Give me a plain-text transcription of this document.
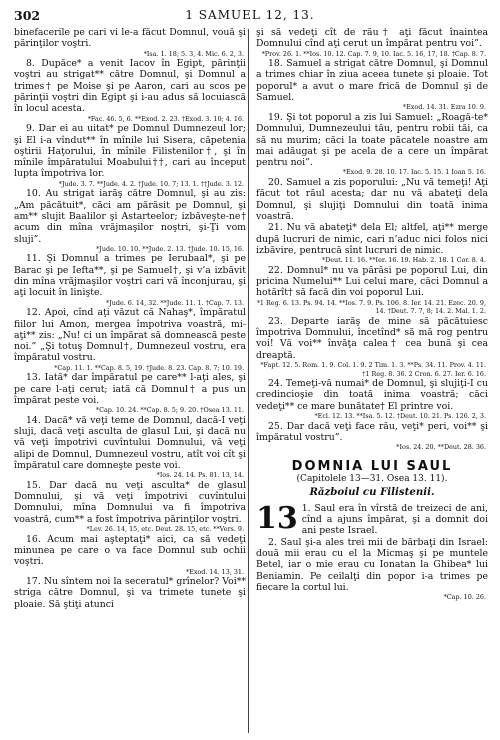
302	1 SAMUEL 12, 13.

binefacerile pe cari vi le-a făcut Domnul, vouă şi părinţilor voştri.

*Isa. 1. 18; 5. 3, 4. Mic. 6. 2, 3.

8. Dupăce* a venit Iacov în Egipt, părinţii voştri au strigat** către Domnul, şi Domnul a trimes† pe Moise şi pe Aaron, cari au scos pe părinţii voştri din Egipt şi i-au adus să locuiască în locul acesta.

*Fac. 46. 5, 6. **Exod. 2. 23. †Exod. 3. 10; 4. 16.

9. Dar ei au uitat* pe Domnul Dumnezeul lor; şi El i-a vîndut** în mînile lui Sisera, căpetenia oştirii Haţorului, în mînile Filistenilor†, şi în mînile împăratului Moabului††, cari au început lupta împotriva lor.

*Jude. 3. 7. **Jude. 4. 2. †Jude. 10. 7; 13. 1. ††Jude. 3. 12.

10. Au strigat iarăş către Domnul, şi au zis: „Am păcătuit*, căci am părăsit pe Domnul, şi am** slujit Baalilor şi Astarteelor; izbăveşte-ne† acum din mîna vrăjmaşilor noştri, şi-Ţi vom sluji”.

*Jude. 10. 10. **Jude. 2. 13. †Jude. 10. 15, 16.

11. Şi Domnul a trimes pe Ierubaal*, şi pe Barac şi pe Iefta**, şi pe Samuel†, şi v’a izbăvit din mîna vrăjmaşilor voştri cari vă înconjurau, şi aţi locuit în linişte.

*Jude. 6. 14, 32. **Jude. 11. 1. †Cap. 7. 13.

12. Apoi, cînd aţi văzut că Nahaş*, împăratul fiilor lui Amon, mergea împotriva voastră, mi-aţi** zis: „Nu! ci un împărat să domnească peste noi.” „Şi totuş Domnul†, Dumnezeul vostru, era împăratul vostru.

*Cap. 11. 1. **Cap. 8. 5, 19. †Jude. 8. 23. Cap. 8. 7; 10. 19.

13. Iată* dar împăratul pe care** l-aţi ales, şi pe care l-aţi cerut; iată că Domnul† a pus un împărat peste voi.

*Cap. 10. 24. **Cap. 8. 5; 9. 20. †Osea 13. 11.

14. Dacă* vă veţi teme de Domnul, dacă-I veţi sluji, dacă veţi asculta de glasul Lui, şi dacă nu vă veţi împotrivi cuvîntului Domnului, vă veţi alipi de Domnul, Dumnezeul vostru, atît voi cît şi împăratul care domneşte peste voi.

*Ios. 24. 14. Ps. 81. 13, 14.

15. Dar dacă nu veţi asculta* de glasul Domnului, şi vă veţi împotrivi cuvîntului Domnului, mîna Domnului va fi împotriva voastră, cum** a fost împotriva părinţilor voştri.

*Lev. 26. 14, 15, etc. Deut. 28. 15, etc. **Vers. 9.

16. Acum mai aşteptaţi* aici, ca să vedeţi minunea pe care o va face Domnul sub ochii voştri.

*Exod. 14. 13, 31.

17. Nu sîntem noi la seceratul* grînelor? Voi** striga către Domnul, şi va trimete tunete şi ploaie. Să ştiţi atunci

şi să vedeţi cît de rău† aţi făcut înaintea Domnului cînd aţi cerut un împărat pentru voi”.

*Prov. 26. 1. **Ios. 10. 12. Cap. 7. 9, 10. Iac. 5. 16, 17, 18. †Cap. 8. 7.

18. Samuel a strigat către Domnul, şi Domnul a trimes chiar în ziua aceea tunete şi ploaie. Tot poporul* a avut o mare frică de Domnul şi de Samuel.

*Exod. 14. 31. Ezra 10. 9.

19. Şi tot poporul a zis lui Samuel: „Roagă-te* Domnului, Dumnezeului tău, pentru robii tăi, ca să nu murim; căci la toate păcatele noastre am mai adăugat şi pe acela de a cere un împărat pentru noi”.

*Exod. 9. 28. 10. 17. Iac. 5. 15. 1 Ioan 5. 16.

20. Samuel a zis poporului: „Nu vă temeţi! Aţi făcut tot răul acesta; dar nu vă abateţi dela Domnul, şi slujiţi Domnului din toată inima voastră.

21. Nu vă abateţi* dela El; altfel, aţi** merge după lucruri de nimic, cari n’aduc nici folos nici izbăvire, pentrucă sînt lucruri de nimic.

*Deut. 11. 16. **Ier. 16. 19. Hab. 2. 18. 1 Cor. 8. 4.

22. Domnul* nu va părăsi pe poporul Lui, din pricina Numelui** Lui celui mare, căci Domnul a hotărît† să facă din voi poporul Lui.

*1 Reg. 6. 13. Ps. 94. 14. **Ios. 7. 9. Ps. 106. 8. Ier. 14. 21. Ezec. 20. 9, 14. †Deut. 7. 7, 8; 14. 2. Mal. 1. 2.

23. Departe iarăş de mine să păcătuiesc împotriva Domnului, încetînd* să mă rog pentru voi! Vă voi** învăţa calea† cea bună şi cea dreaptă.

*Fapt. 12. 5. Rom. 1. 9. Col. 1. 9. 2 Tim. 1. 3. **Ps. 34. 11. Prov. 4. 11. †1 Reg. 8. 36. 2 Cron. 6. 27. Ier. 6. 16.

24. Temeţi-vă numai* de Domnul, şi slujiţi-I cu credincioşie din toată inima voastră; căci vedeţi** ce mare bunătate† El printre voi.

*Ecl. 12. 13. **Isa. 5. 12. †Deut. 10. 21. Ps. 126. 2, 3.

25. Dar dacă veţi face rău, veţi* peri, voi** şi împăratul vostru”.

*Ios. 24. 20. **Deut. 28. 36.

DOMNIA LUI SAUL
(Capitolele 13—31. Osea 13. 11).
Războiul cu Filistenii.
13 1. Saul era în vîrstă de treizeci de ani, cînd a ajuns împărat, şi a domnit doi ani peste Israel.

2. Saul şi-a ales trei mii de bărbaţi din Israel: două mii erau cu el la Micmaş şi pe muntele Betel, iar o mie erau cu Ionatan la Ghibea* lui Beniamin. Pe ceilalţi din popor i-a trimes pe fiecare la cortul lui.

*Cap. 10. 26.
